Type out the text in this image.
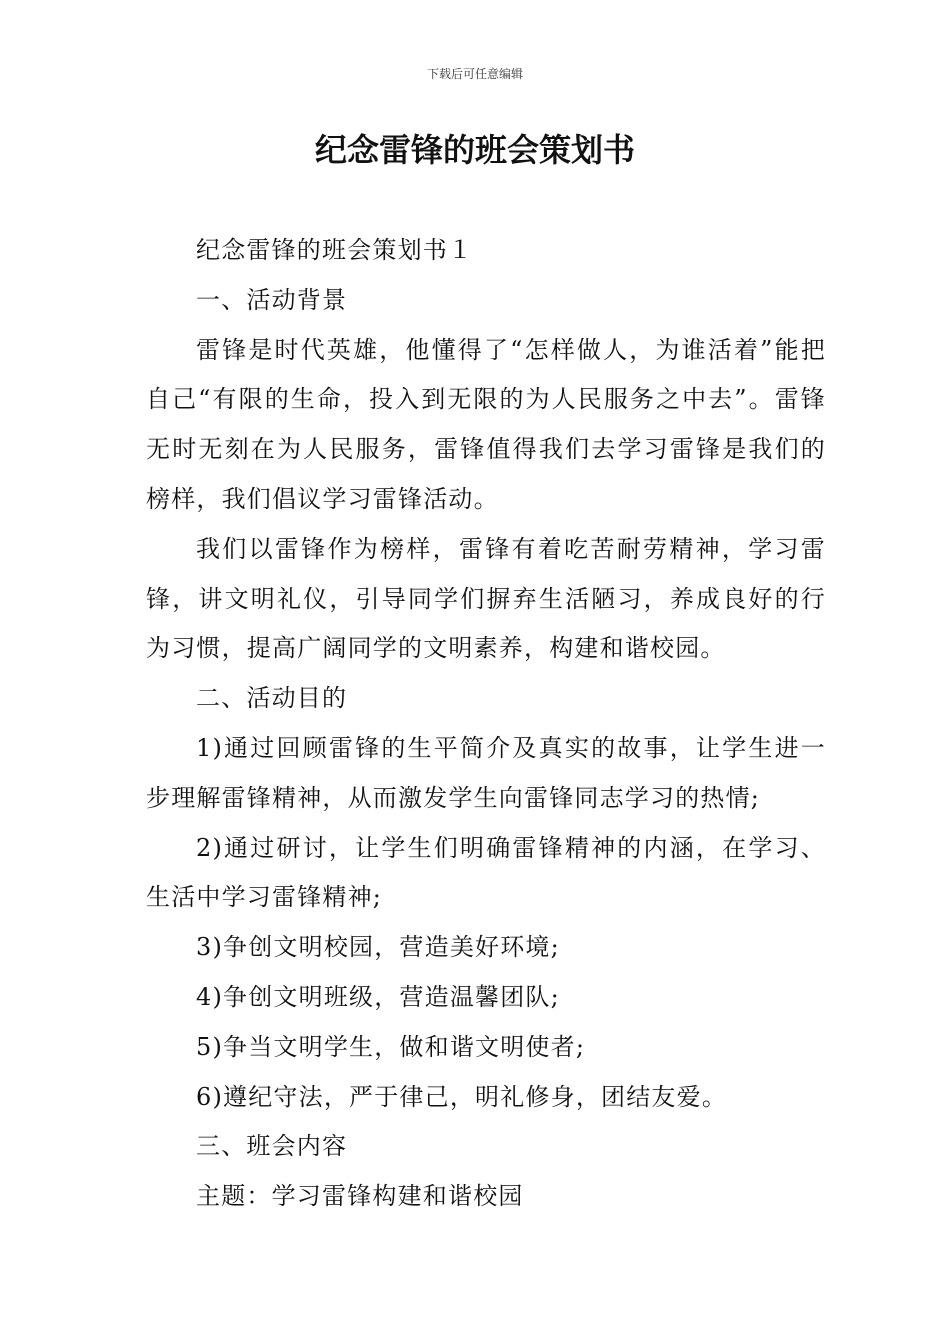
下载后可任意编辑
纪念雷锋的班会策划书

纪念雷锋的班会策划书１

一、活动背景

雷锋是时代英雄，他懂得了“怎样做人，为谁活着”能把自己“有限的生命，投入到无限的为人民服务之中去”。雷锋无时无刻在为人民服务，雷锋值得我们去学习雷锋是我们的榜样，我们倡议学习雷锋活动。

我们以雷锋作为榜样，雷锋有着吃苦耐劳精神，学习雷锋，讲文明礼仪，引导同学们摒弃生活陋习，养成良好的行为习惯，提高广阔同学的文明素养，构建和谐校园。

二、活动目的

1)通过回顾雷锋的生平简介及真实的故事，让学生进一步理解雷锋精神，从而激发学生向雷锋同志学习的热情;

2)通过研讨，让学生们明确雷锋精神的内涵，在学习、生活中学习雷锋精神;

3)争创文明校园，营造美好环境;

4)争创文明班级，营造温馨团队;

5)争当文明学生，做和谐文明使者;

6)遵纪守法，严于律己，明礼修身，团结友爱。

三、班会内容

主题：学习雷锋构建和谐校园
